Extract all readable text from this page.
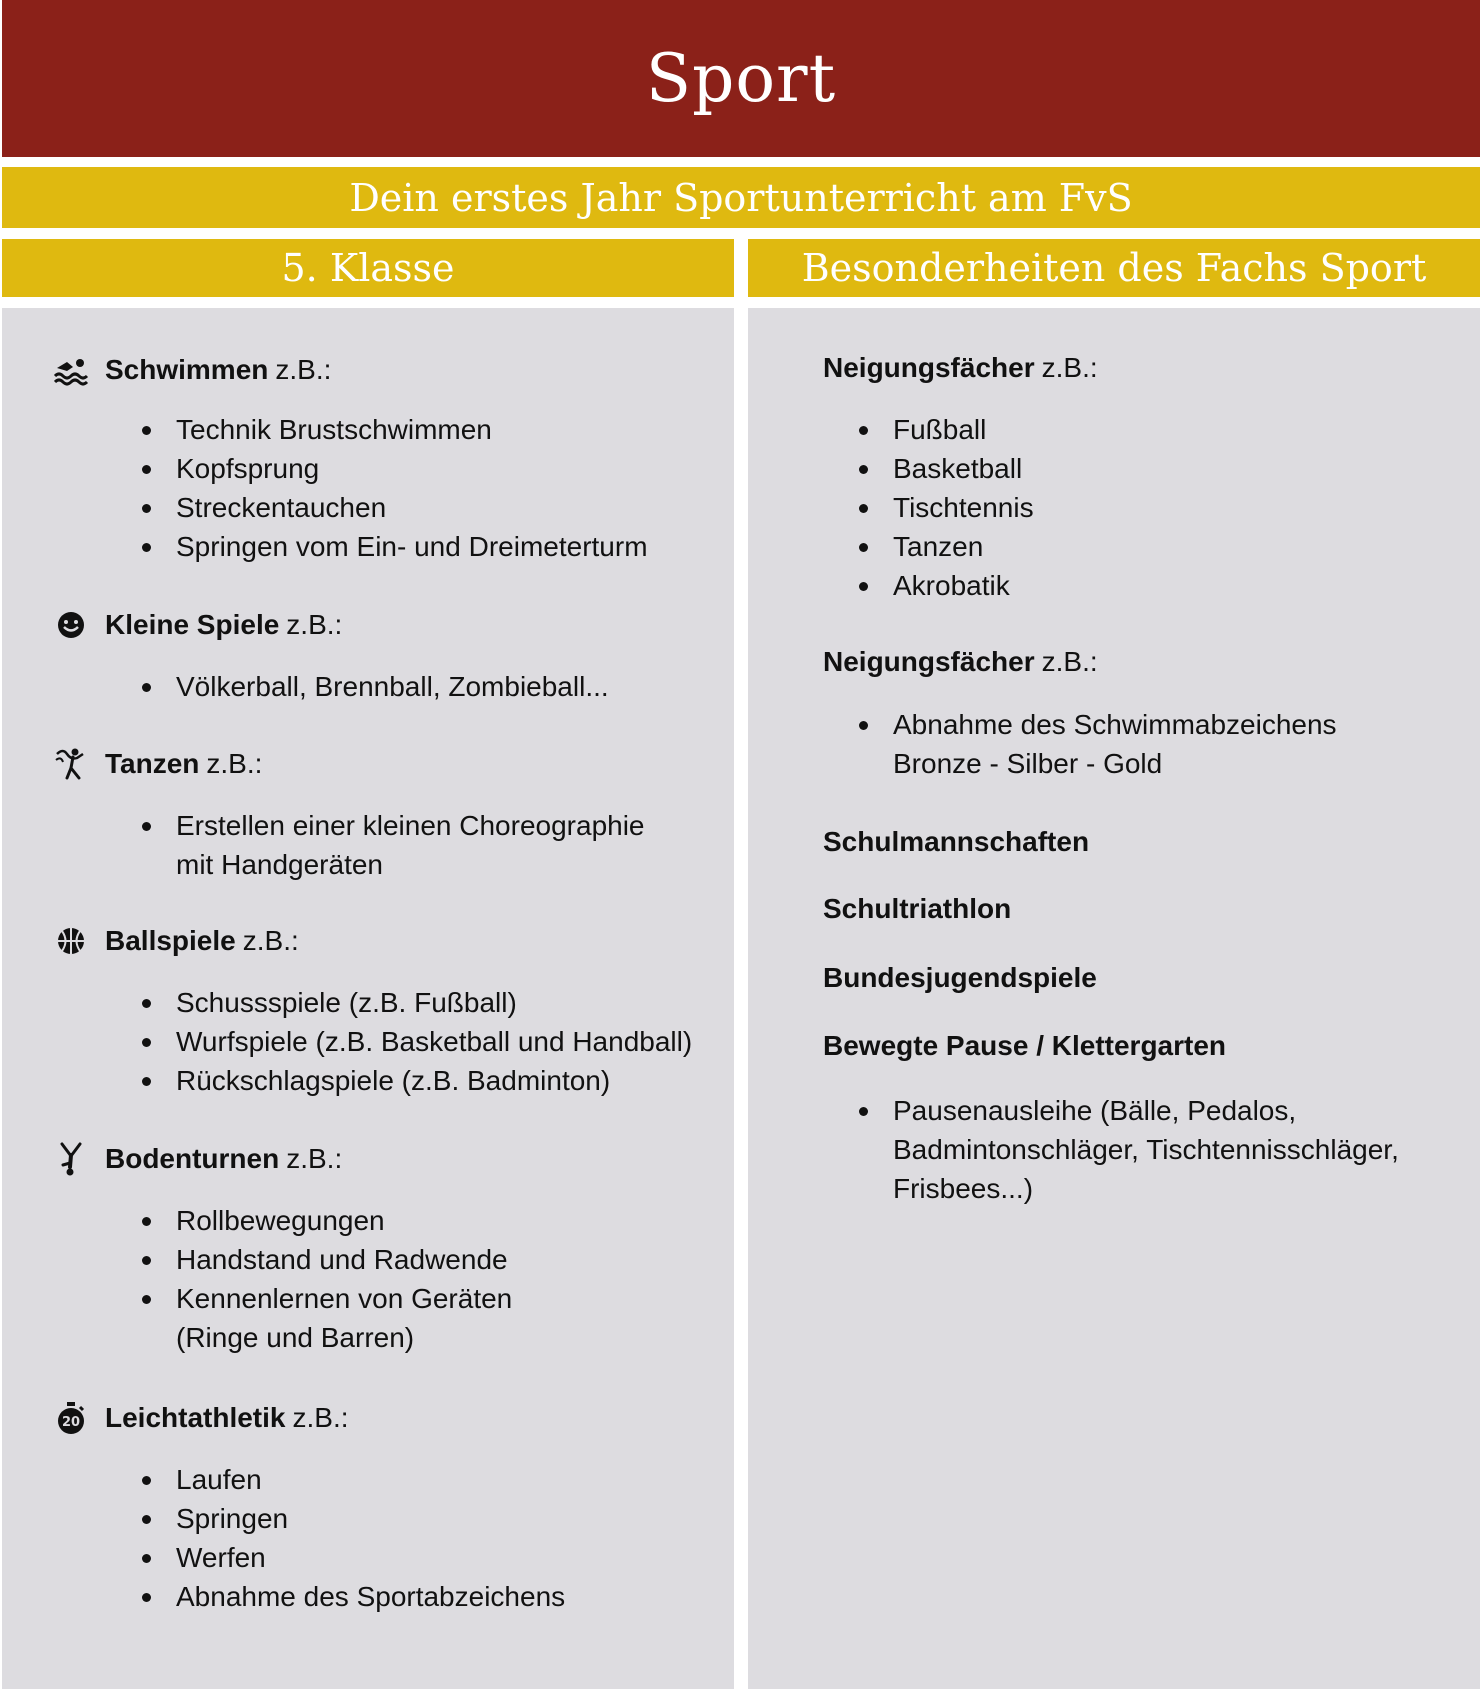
Sport
Dein erstes Jahr Sportunterricht am FvS
5. Klasse	Besonderheiten des Fachs Sport
Schwimmen z.B.:
Technik Brustschwimmen
Kopfsprung
Streckentauchen
Springen vom Ein- und Dreimeterturm
Kleine Spiele z.B.:
Völkerball, Brennball, Zombieball...
Tanzen z.B.:
Erstellen einer kleinen Choreographie
mit Handgeräten
Ballspiele z.B.:
Schussspiele (z.B. Fußball)
Wurfspiele (z.B. Basketball und Handball)
Rückschlagspiele (z.B. Badminton)
Bodenturnen z.B.:
Rollbewegungen
Handstand und Radwende
Kennenlernen von Geräten
(Ringe und Barren)
20 Leichtathletik z.B.:
Laufen
Springen
Werfen
Abnahme des Sportabzeichens
Neigungsfächer z.B.:
Fußball
Basketball
Tischtennis
Tanzen
Akrobatik
Neigungsfächer z.B.:
Abnahme des Schwimmabzeichens
Bronze - Silber - Gold
Schulmannschaften
Schultriathlon
Bundesjugendspiele
Bewegte Pause / Klettergarten
Pausenausleihe (Bälle, Pedalos,
Badmintonschläger, Tischtennisschläger,
Frisbees...)
